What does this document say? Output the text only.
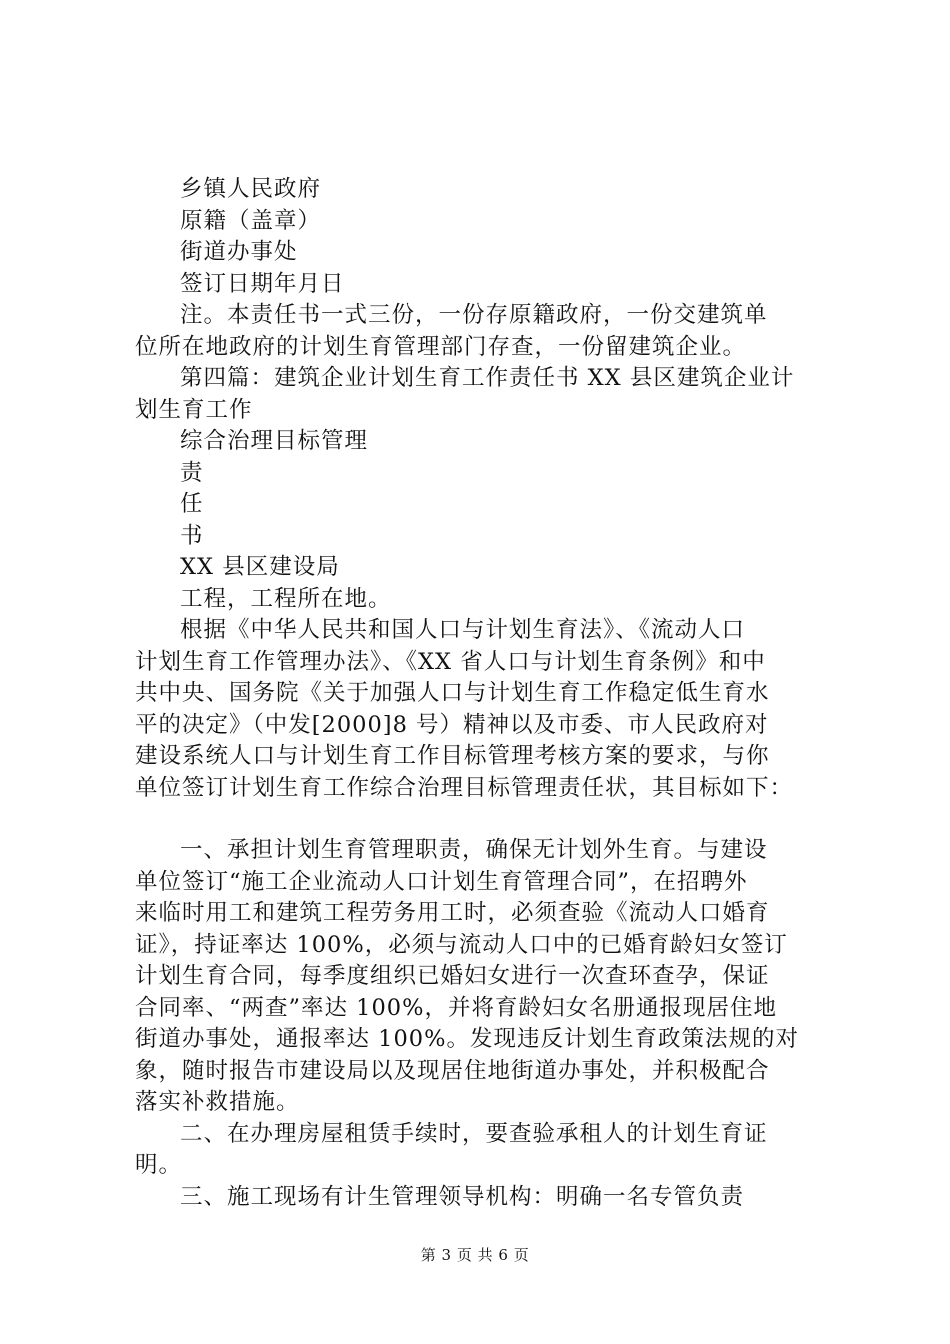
乡镇人民政府
原籍（盖章）
街道办事处
签订日期年月日
注。本责任书一式三份，一份存原籍政府，一份交建筑单
位所在地政府的计划生育管理部门存查，一份留建筑企业。
第四篇：建筑企业计划生育工作责任书 XX 县区建筑企业计
划生育工作
综合治理目标管理
责
任
书
XX 县区建设局
工程，工程所在地。
根据《中华人民共和国人口与计划生育法》、《流动人口
计划生育工作管理办法》、《XX 省人口与计划生育条例》和中
共中央、国务院《关于加强人口与计划生育工作稳定低生育水
平的决定》（中发[2000]8 号）精神以及市委、市人民政府对
建设系统人口与计划生育工作目标管理考核方案的要求，与你
单位签订计划生育工作综合治理目标管理责任状，其目标如下：
一、承担计划生育管理职责，确保无计划外生育。与建设
单位签订“施工企业流动人口计划生育管理合同”，在招聘外
来临时用工和建筑工程劳务用工时，必须查验《流动人口婚育
证》，持证率达 100%，必须与流动人口中的已婚育龄妇女签订
计划生育合同，每季度组织已婚妇女进行一次查环查孕，保证
合同率、“两查”率达 100%，并将育龄妇女名册通报现居住地
街道办事处，通报率达 100%。发现违反计划生育政策法规的对
象，随时报告市建设局以及现居住地街道办事处，并积极配合
落实补救措施。
二、在办理房屋租赁手续时，要查验承租人的计划生育证
明。
三、施工现场有计生管理领导机构：明确一名专管负责
第 3 页 共 6 页
